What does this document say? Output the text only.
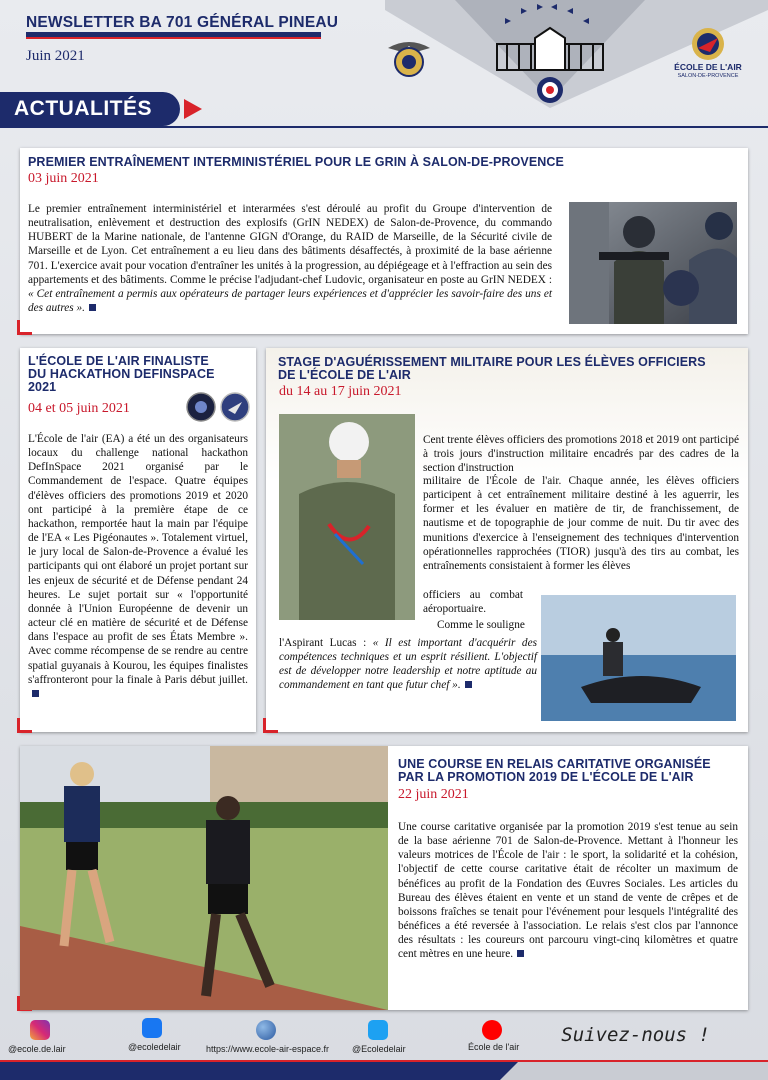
NEWSLETTER BA 701 GÉNÉRAL PINEAU
Juin 2021
ÉCOLE DE L'AIR
SALON-DE-PROVENCE
ACTUALITÉS
PREMIER ENTRAÎNEMENT INTERMINISTÉRIEL POUR LE GRIN À SALON-DE-PROVENCE
03 juin 2021
Le premier entraînement interministériel et interarmées s'est déroulé au profit du Groupe d'intervention de neutralisation, enlèvement et destruction des explosifs (GrIN NEDEX) de Salon-de-Provence, du commando HUBERT de la Marine nationale, de l'antenne GIGN d'Orange, du RAID de Marseille, de la Sécurité civile de Marseille et de Lyon. Cet entraînement a eu lieu dans des bâtiments désaffectés, à proximité de la base aérienne 701. L'exercice avait pour vocation d'entraîner les unités à la progression, au dépiégeage et à l'effraction au sein des appartements et des bâtiments. Comme le précise l'adjudant-chef Ludovic, organisateur en poste au GrIN NEDEX : « Cet entraînement a permis aux opérateurs de partager leurs expériences et d'apprécier les savoir-faire des uns et des autres ».
L'ÉCOLE DE L'AIR FINALISTE
DU HACKATHON DEFINSPACE
2021
04 et 05 juin 2021
L'École de l'air (EA) a été un des organisateurs locaux du challenge national hackathon DefInSpace 2021 organisé par le Commandement de l'espace. Quatre équipes d'élèves officiers des promotions 2019 et 2020 ont participé à la première étape de ce hackathon, remportée haut la main par l'équipe de l'EA « Les Pigéonautes ». Totalement virtuel, le jury local de Salon-de-Provence a évalué les participants qui ont élaboré un projet portant sur les enjeux de sécurité et de Défense pendant 24 heures. Le sujet portait sur « l'opportunité donnée à l'Union Européenne de devenir un acteur clé en matière de sécurité et de Défense dans l'espace au profit de ses États Membre ». Avec comme récompense de se rendre au centre spatial guyanais à Kourou, les équipes finalistes s'affronteront pour la finale à Paris début juillet.
STAGE D'AGUÉRISSEMENT MILITAIRE POUR LES ÉLÈVES OFFICIERS
DE L'ÉCOLE DE L'AIR
du 14 au 17 juin 2021
Cent trente élèves officiers des promotions 2018 et 2019 ont participé à trois jours d'instruction militaire encadrés par des cadres de la section d'instruction
militaire de l'École de l'air. Chaque année, les élèves officiers participent à cet entraînement militaire destiné à les aguerrir, les former et les évaluer en matière de tir, de franchissement, de nautisme et de topographie de jour comme de nuit. Du tir avec des munitions d'exercice à l'enseignement des techniques d'intervention opérationnelles rapprochées (TIOR) jusqu'à des tirs au combat, les entraînements consistaient à former les élèves
officiers au combat aéroportuaire.
Comme le souligne
l'Aspirant Lucas : « Il est important d'acquérir des compétences techniques et un esprit résilient. L'objectif est de développer notre leadership et notre aptitude au commandement en tant que futur chef ».
UNE COURSE EN RELAIS CARITATIVE ORGANISÉE
PAR LA PROMOTION 2019 DE L'ÉCOLE DE L'AIR
22 juin 2021
Une course caritative organisée par la promotion 2019 s'est tenue au sein de la base aérienne 701 de Salon-de-Provence. Mettant à l'honneur les valeurs motrices de l'École de l'air : le sport, la solidarité et la cohésion, l'objectif de cette course caritative était de récolter un maximum de bénéfices au profit de la Fondation des Œuvres Sociales. Les articles du Bureau des élèves étaient en vente et un stand de vente de crêpes et de boissons fraîches se tenait pour l'événement pour lesquels l'intégralité des bénéfices a été reversée à l'association. Le relais s'est clos par l'annonce des résultats : les coureurs ont parcouru vingt-cinq kilomètres et quatre cent mètres en une heure.
@ecole.de.lair	@ecoledelair	https://www.ecole-air-espace.fr	@Ecoledelair	École de l'air
Suivez-nous !
